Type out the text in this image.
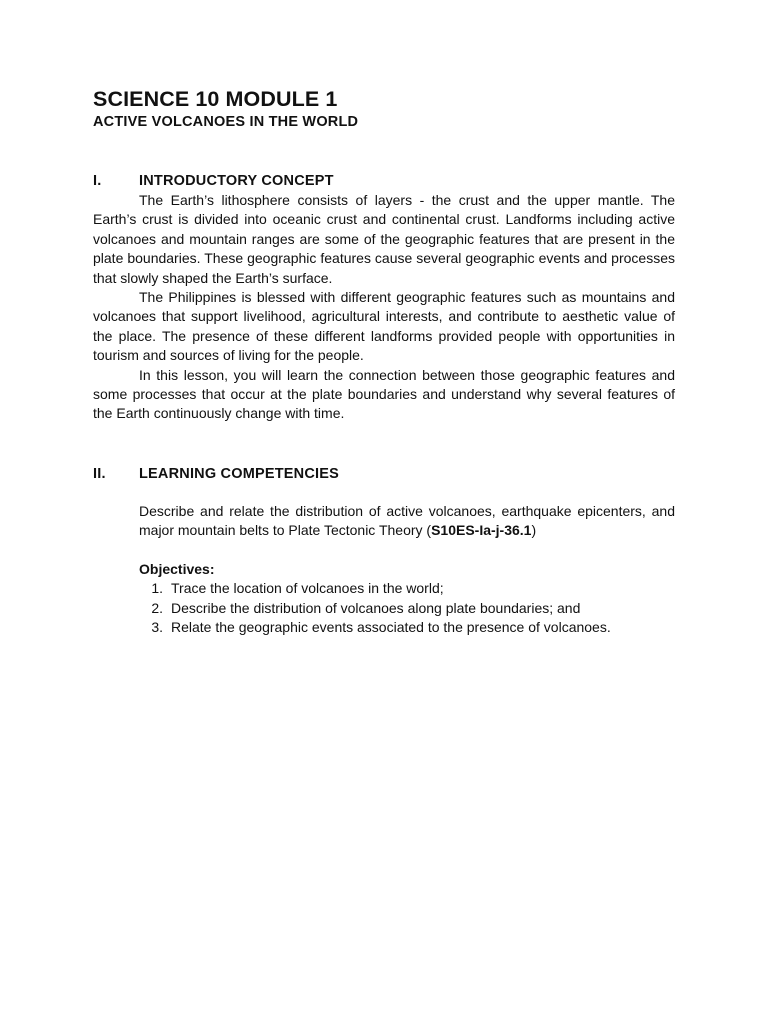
SCIENCE 10 MODULE 1
ACTIVE VOLCANOES IN THE WORLD
I.	INTRODUCTORY CONCEPT

The Earth’s lithosphere consists of layers - the crust and the upper mantle. The Earth’s crust is divided into oceanic crust and continental crust. Landforms including active volcanoes and mountain ranges are some of the geographic features that are present in the plate boundaries. These geographic features cause several geographic events and processes that slowly shaped the Earth’s surface.

The Philippines is blessed with different geographic features such as mountains and volcanoes that support livelihood, agricultural interests, and contribute to aesthetic value of the place. The presence of these different landforms provided people with opportunities in tourism and sources of living for the people.

In this lesson, you will learn the connection between those geographic features and some processes that occur at the plate boundaries and understand why several features of the Earth continuously change with time.

II.	LEARNING COMPETENCIES
Describe and relate the distribution of active volcanoes, earthquake epicenters, and major mountain belts to Plate Tectonic Theory (S10ES-Ia-j-36.1)
Objectives:
1. Trace the location of volcanoes in the world;
2. Describe the distribution of volcanoes along plate boundaries; and
3. Relate the geographic events associated to the presence of volcanoes.
